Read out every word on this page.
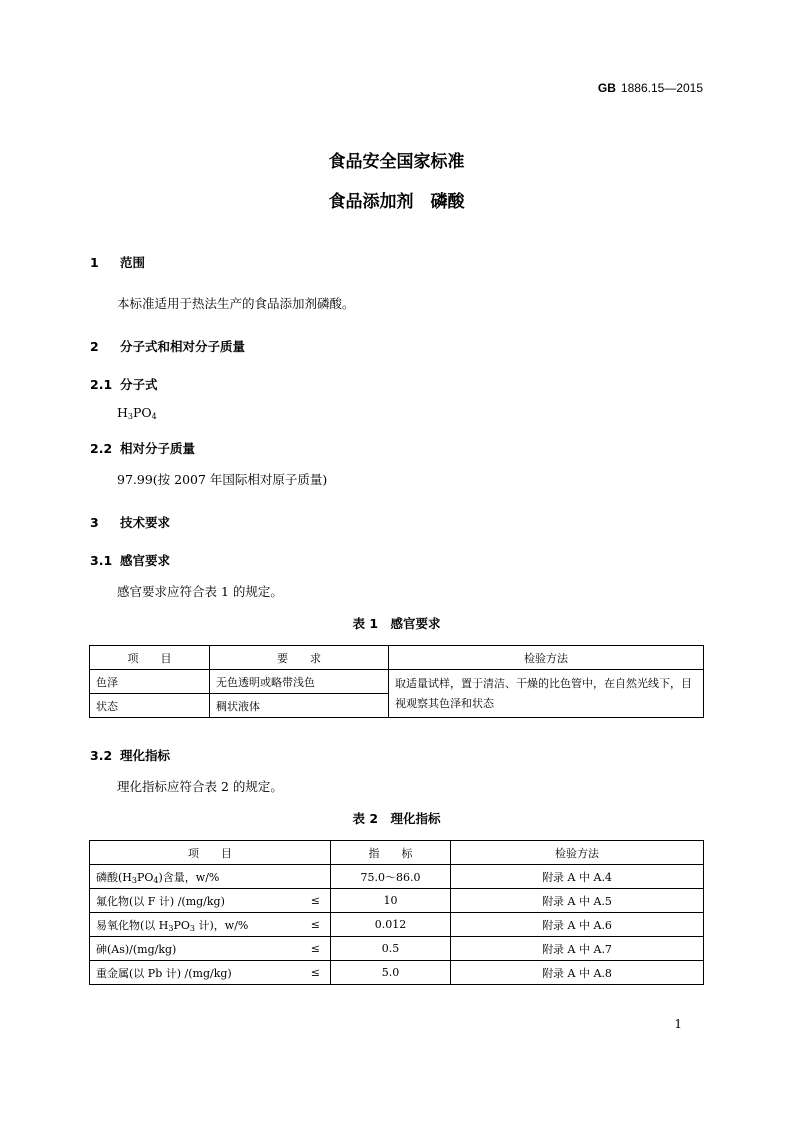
GB 1886.15—2015
食品安全国家标准
食品添加剂　磷酸
1 范围
本标准适用于热法生产的食品添加剂磷酸。
2 分子式和相对分子质量
2.1 分子式
$H_3PO_4$
2.2 相对分子质量
97.99(按 2007 年国际相对原子质量)
3 技术要求
3.1 感官要求
感官要求应符合表 1 的规定。
表 1　感官要求
项　　目	要　　求	检验方法
色泽	无色透明或略带浅色	取适量试样，置于清洁、干燥的比色管中，在自然光线下，目视观察其色泽和状态
状态	稠状液体	
3.2 理化指标
理化指标应符合表 2 的规定。
表 2　理化指标
项　　目		指　　标	检验方法
磷酸$(H_3PO_4)$含量，w/%		75.0～86.0	附录 A 中 A.4
氟化物(以 F 计) /(mg/kg)	≤	10	附录 A 中 A.5
易氧化物(以 $H_3PO_3$ 计)，w/%	≤	0.012	附录 A 中 A.6
砷(As)/(mg/kg)	≤	0.5	附录 A 中 A.7
重金属(以 Pb 计) /(mg/kg)	≤	5.0	附录 A 中 A.8
1
